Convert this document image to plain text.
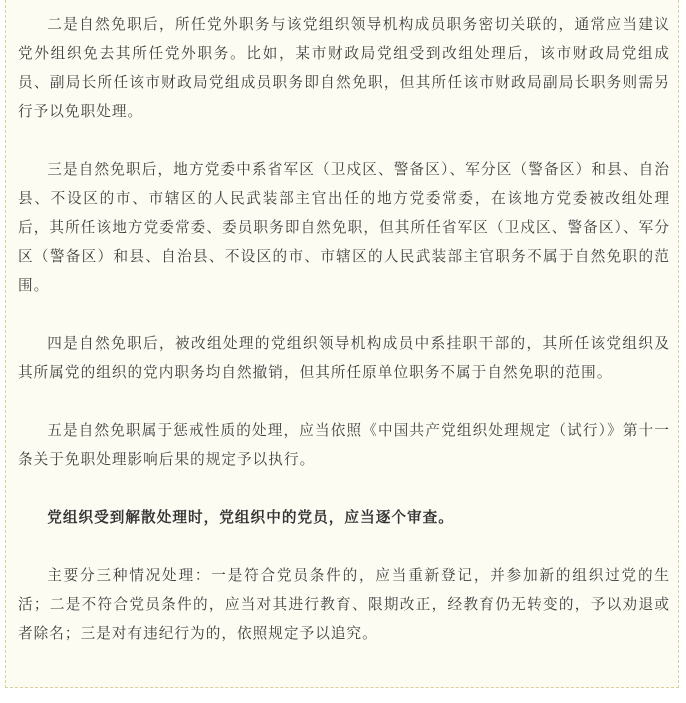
二是自然免职后，所任党外职务与该党组织领导机构成员职务密切关联的，通常应当建议党外组织免去其所任党外职务。比如，某市财政局党组受到改组处理后，该市财政局党组成员、副局长所任该市财政局党组成员职务即自然免职，但其所任该市财政局副局长职务则需另行予以免职处理。

三是自然免职后，地方党委中系省军区（卫戍区、警备区）、军分区（警备区）和县、自治县、不设区的市、市辖区的人民武装部主官出任的地方党委常委，在该地方党委被改组处理后，其所任该地方党委常委、委员职务即自然免职，但其所任省军区（卫戍区、警备区）、军分区（警备区）和县、自治县、不设区的市、市辖区的人民武装部主官职务不属于自然免职的范围。

四是自然免职后，被改组处理的党组织领导机构成员中系挂职干部的，其所任该党组织及其所属党的组织的党内职务均自然撤销，但其所任原单位职务不属于自然免职的范围。

五是自然免职属于惩戒性质的处理，应当依照《中国共产党组织处理规定（试行）》第十一条关于免职处理影响后果的规定予以执行。

党组织受到解散处理时，党组织中的党员，应当逐个审查。

主要分三种情况处理：一是符合党员条件的，应当重新登记，并参加新的组织过党的生活；二是不符合党员条件的，应当对其进行教育、限期改正，经教育仍无转变的，予以劝退或者除名；三是对有违纪行为的，依照规定予以追究。
